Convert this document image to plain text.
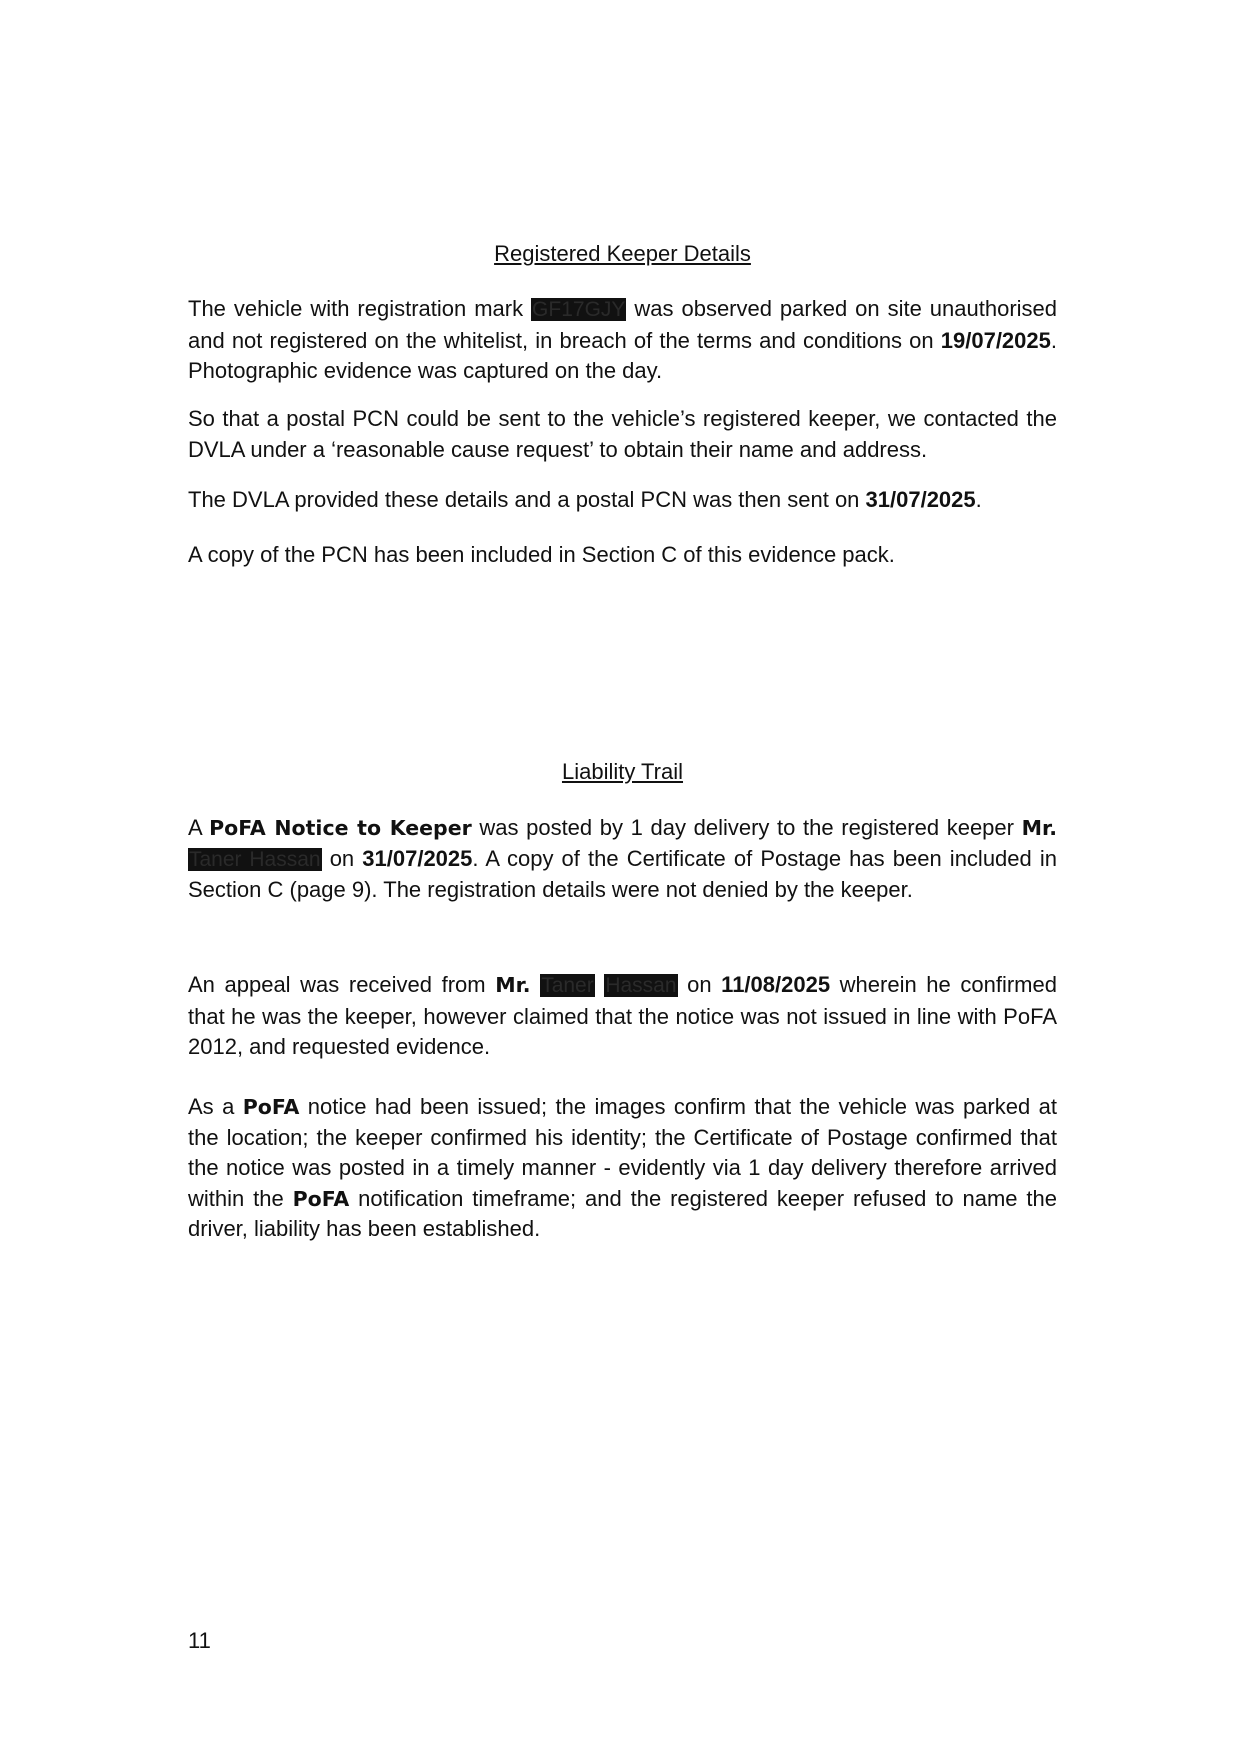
Registered Keeper Details

The vehicle with registration mark GF17GJY was observed parked on site unauthorised and not registered on the whitelist, in breach of the terms and conditions on 19/07/2025. Photographic evidence was captured on the day.

So that a postal PCN could be sent to the vehicle’s registered keeper, we contacted the DVLA under a ‘reasonable cause request’ to obtain their name and address.

The DVLA provided these details and a postal PCN was then sent on 31/07/2025.

A copy of the PCN has been included in Section C of this evidence pack.

Liability Trail

A PoFA Notice to Keeper was posted by 1 day delivery to the registered keeper Mr. Taner Hassan on 31/07/2025. A copy of the Certificate of Postage has been included in Section C (page 9). The registration details were not denied by the keeper.

An appeal was received from Mr. Taner Hassan on 11/08/2025 wherein he confirmed that he was the keeper, however claimed that the notice was not issued in line with PoFA 2012, and requested evidence.

As a PoFA notice had been issued; the images confirm that the vehicle was parked at the location; the keeper confirmed his identity; the Certificate of Postage confirmed that the notice was posted in a timely manner - evidently via 1 day delivery therefore arrived within the PoFA notification timeframe; and the registered keeper refused to name the driver, liability has been established.

11
